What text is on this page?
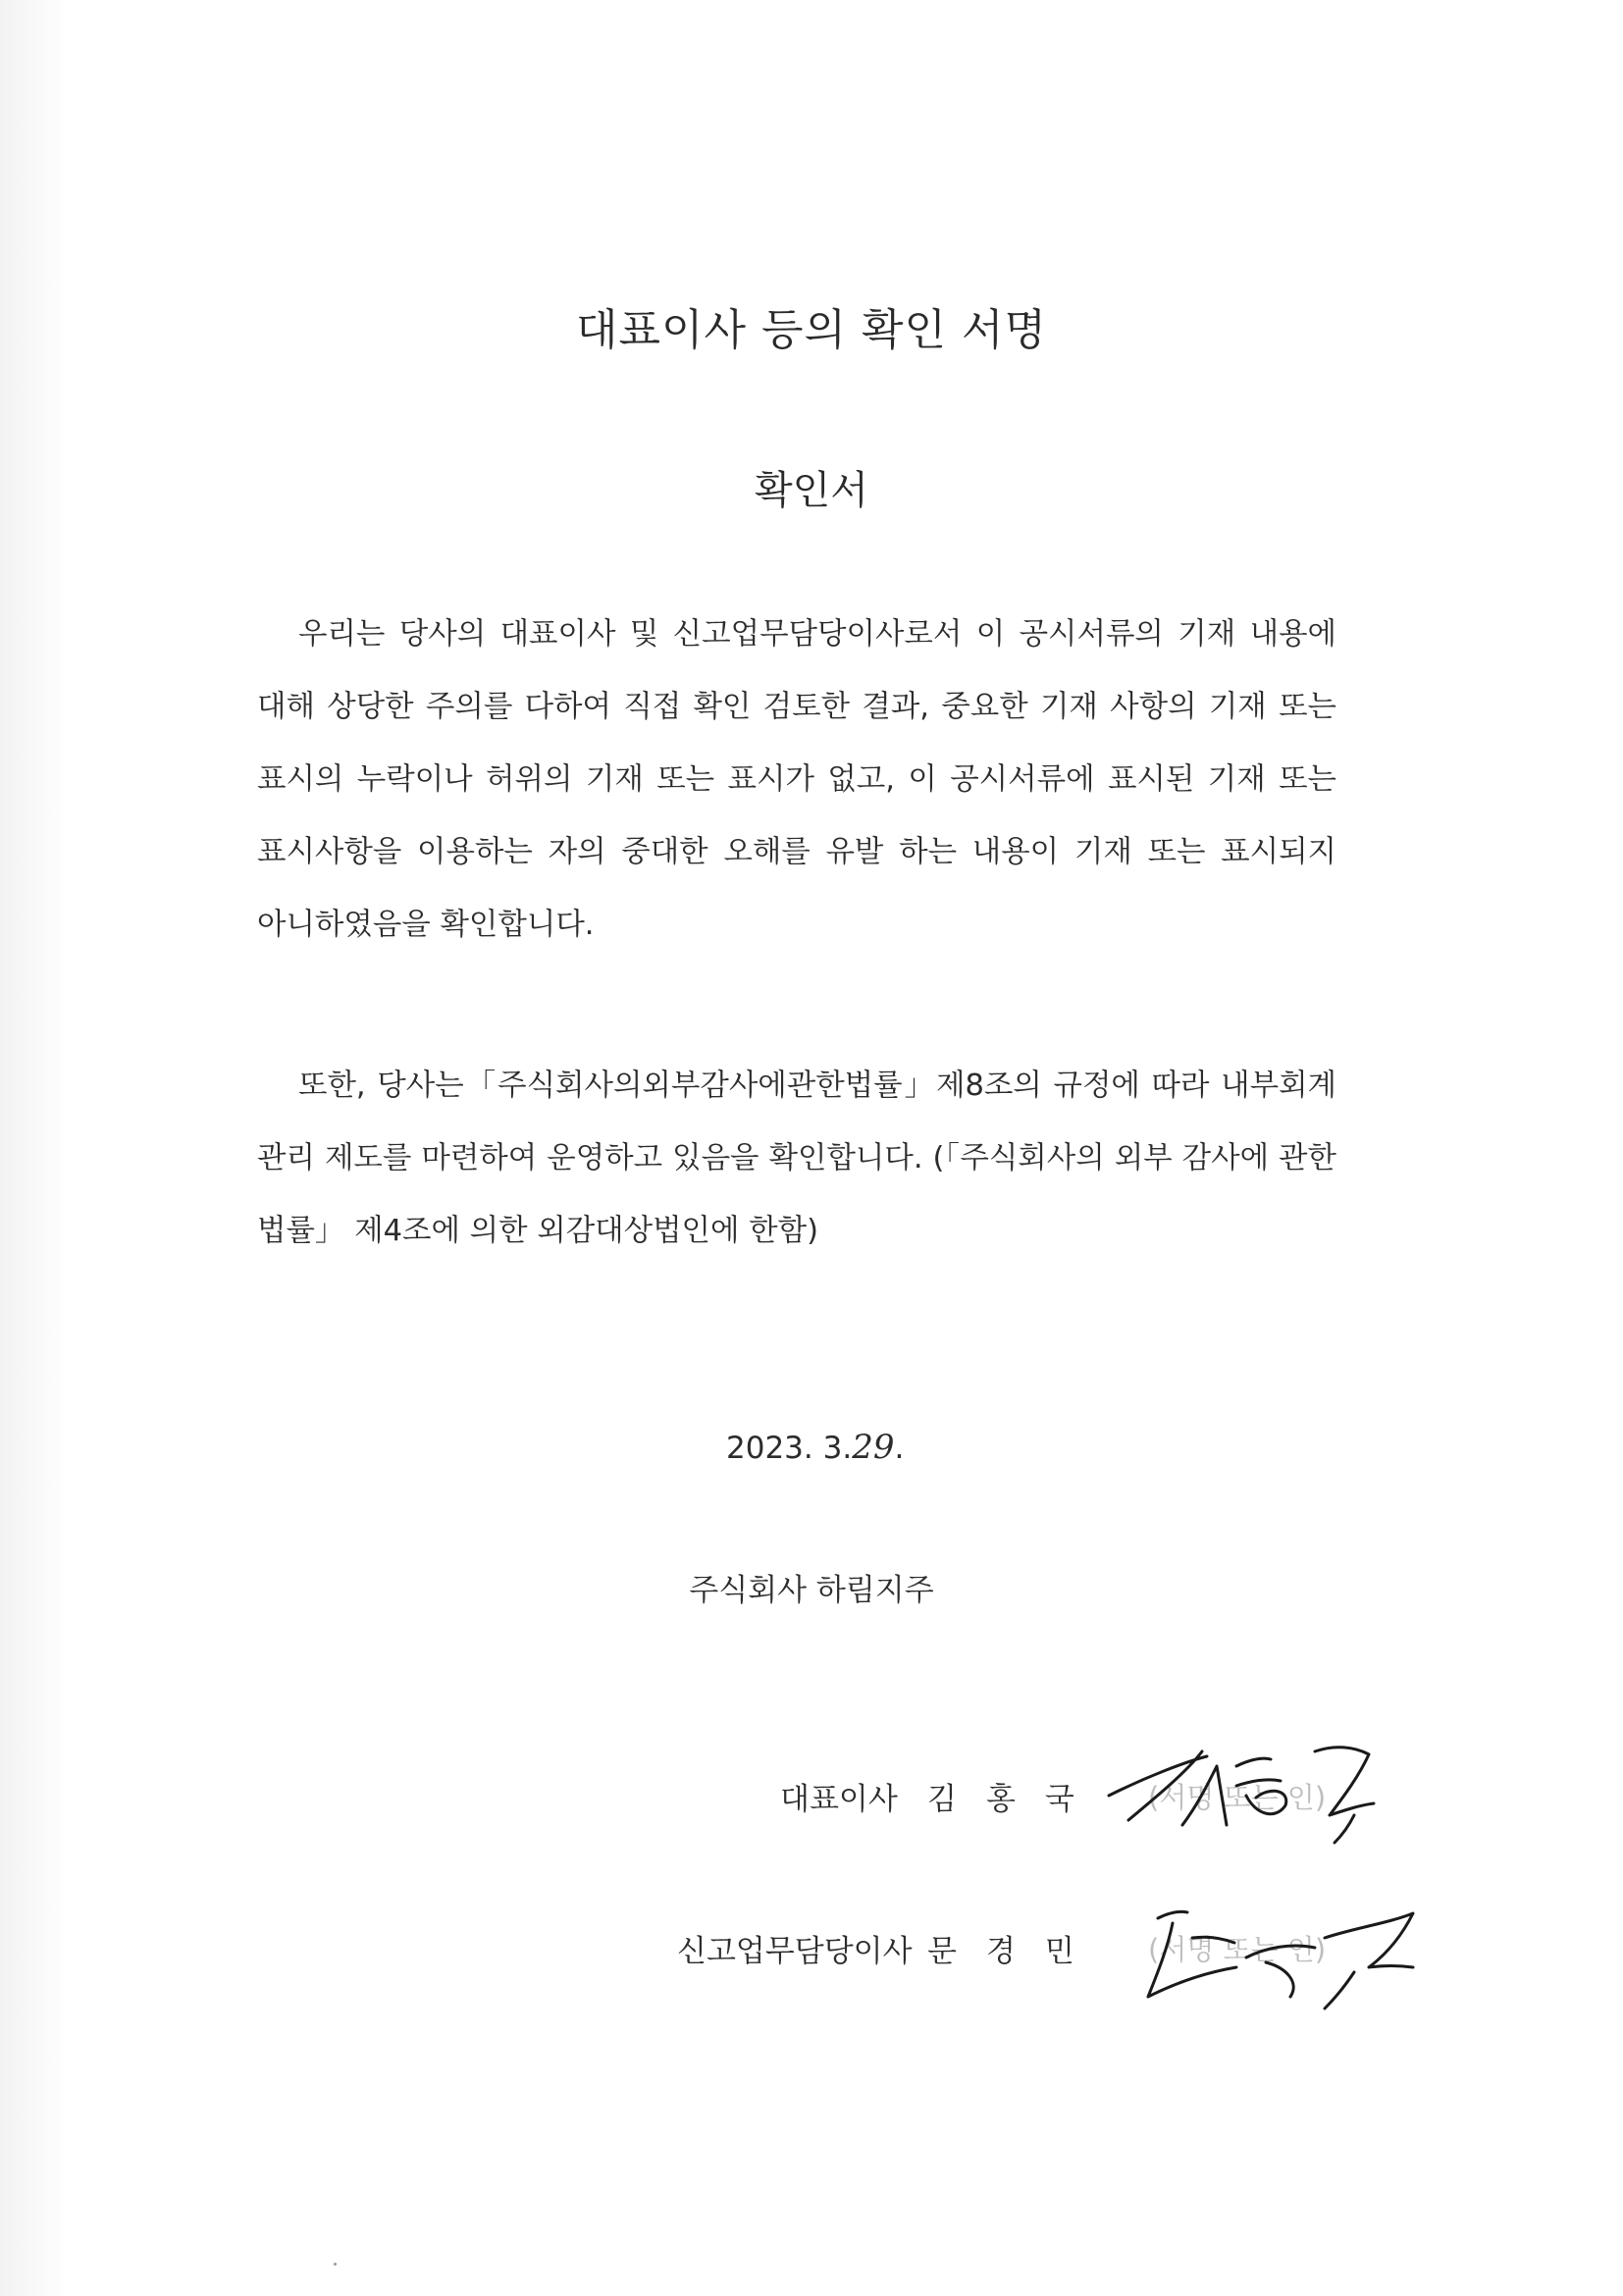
대표이사 등의 확인 서명
확인서
우리는 당사의 대표이사 및 신고업무담당이사로서 이 공시서류의 기재 내용에 대해 상당한 주의를 다하여 직접 확인 검토한 결과, 중요한 기재 사항의 기재 또는 표시의 누락이나 허위의 기재 또는 표시가 없고, 이 공시서류에 표시된 기재 또는 표시사항을 이용하는 자의 중대한 오해를 유발 하는 내용이 기재 또는 표시되지 아니하였음을 확인합니다.
또한, 당사는「주식회사의외부감사에관한법률」제8조의 규정에 따라 내부회계 관리 제도를 마련하여 운영하고 있음을 확인합니다. (「주식회사의 외부 감사에 관한 법률」 제4조에 의한 외감대상법인에 한함)
2023. 3.29.
주식회사 하림지주
대표이사 김홍국 (서명 또는 인)
신고업무담당이사 문경민 (서명 또는 인)
